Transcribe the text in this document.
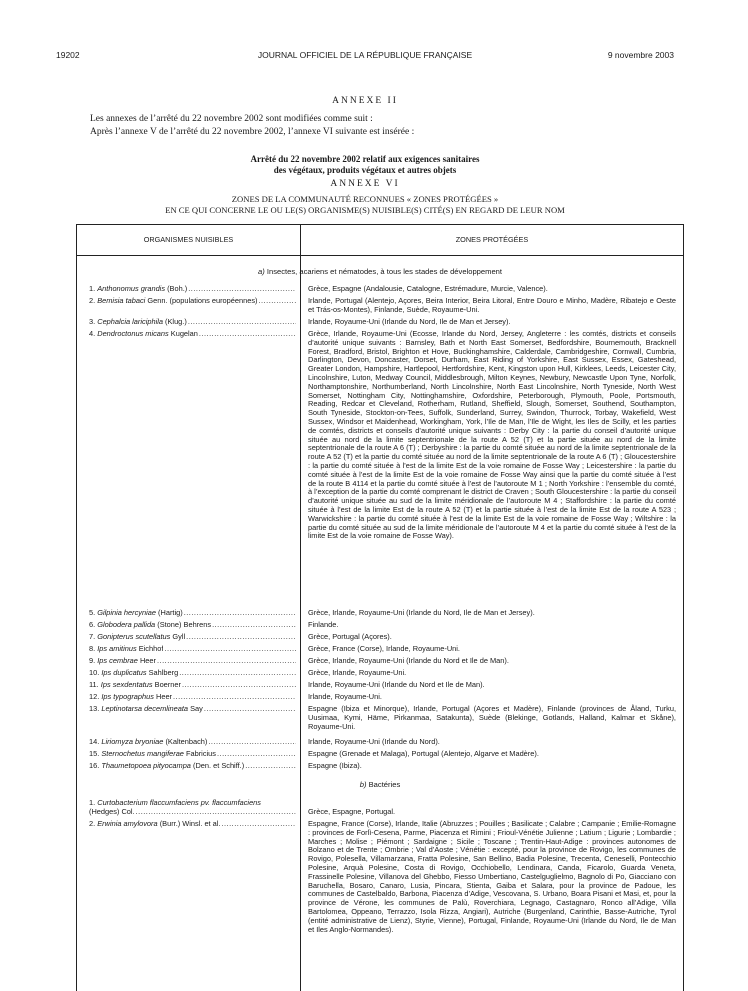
19202	JOURNAL OFFICIEL DE LA RÉPUBLIQUE FRANÇAISE	9 novembre 2003
ANNEXE II
Les annexes de l’arrêté du 22 novembre 2002 sont modifiées comme suit :
Après l’annexe V de l’arrêté du 22 novembre 2002, l’annexe VI suivante est insérée :
Arrêté du 22 novembre 2002 relatif aux exigences sanitaires
des végétaux, produits végétaux et autres objets
ANNEXE VI
ZONES DE LA COMMUNAUTÉ RECONNUES « ZONES PROTÉGÉES »
EN CE QUI CONCERNE LE OU LE(S) ORGANISME(S) NUISIBLE(S) CITÉ(S) EN REGARD DE LEUR NOM
ORGANISMES NUISIBLES	ZONES PROTÉGÉES
a) Insectes, acariens et nématodes, à tous les stades de développement
1. Anthonomus grandis (Boh.) .....	Grèce, Espagne (Andalousie, Catalogne, Estrémadure, Murcie, Valence).
2. Bemisia tabaci Genn. (populations européennes) .....	Irlande, Portugal (Alentejo, Açores, Beira Interior, Beira Litoral, Entre Douro e Minho, Madère, Ribatejo e Oeste et Trás-os-Montes), Finlande, Suède, Royaume-Uni.
3. Cephalcia lariciphila (Klug.) .....	Irlande, Royaume-Uni (Irlande du Nord, Ile de Man et Jersey).
4. Dendroctonus micans Kugelan .....	Grèce, Irlande, Royaume-Uni (Ecosse, Irlande du Nord, Jersey, Angleterre : les comtés, districts et conseils d’autorité unique suivants : Barnsley, Bath et North East Somerset, Bedfordshire, Bournemouth, Bracknell Forest, Bradford, Bristol, Brighton et Hove, Buckinghamshire, Calderdale, Cambridgeshire, Cornwall, Cumbria, Darlington, Devon, Doncaster, Dorset, Durham, East Riding of Yorkshire, East Sussex, Essex, Gateshead, Greater London, Hampshire, Hartlepool, Hertfordshire, Kent, Kingston upon Hull, Kirklees, Leeds, Leicester City, Lincolnshire, Luton, Medway Council, Middlesbrough, Milton Keynes, Newbury, Newcastle Upon Tyne, Norfolk, Northamptonshire, Northumberland, North Lincolnshire, North East Lincolnshire, North Tyneside, North West Somerset, Nottingham City, Nottinghamshire, Oxfordshire, Peterborough, Plymouth, Poole, Portsmouth, Reading, Redcar et Cleveland, Rotherham, Rutland, Sheffield, Slough, Somerset, Southend, Southampton, South Tyneside, Stockton-on-Tees, Suffolk, Sunderland, Surrey, Swindon, Thurrock, Torbay, Wakefield, West Sussex, Windsor et Maidenhead, Workingham, York, l’Ile de Man, l’Ile de Wight, les Iles de Scilly, et les parties de comtés, districts et conseils d’autorité unique suivants : Derby City : la partie du conseil d’autorité unique située au nord de la limite septentrionale de la route A 52 (T) et la partie située au nord de la limite septentrionale de la route A 6 (T) ; Derbyshire : la partie du comté située au nord de la limite septentrionale de la route A 52 (T) et la partie du comté située au nord de la limite septentrionale de la route A 6 (T) ; Gloucestershire : la partie du comté située à l’est de la limite Est de la voie romaine de Fosse Way ; Leicestershire : la partie du comté située à l’est de la limite Est de la voie romaine de Fosse Way ainsi que la partie du comté située à l’est de la route B 4114 et la partie du comté située à l’est de l’autoroute M 1 ; North Yorkshire : l’ensemble du comté, à l’exception de la partie du comté comprenant le district de Craven ; South Gloucestershire : la partie du conseil d’autorité unique située au sud de la limite méridionale de l’autoroute M 4 ; Staffordshire : la partie du comté située à l’est de la limite Est de la route A 52 (T) et la partie située à l’est de la limite Est de la route A 523 ; Warwickshire : la partie du comté située à l’est de la limite Est de la voie romaine de Fosse Way ; Wiltshire : la partie du comté située au sud de la limite méridionale de l’autoroute M 4 et la partie du comté située à l’est de la limite Est de la voie romaine de Fosse Way).
5. Gilpinia hercyniae (Hartig) .....	Grèce, Irlande, Royaume-Uni (Irlande du Nord, Ile de Man et Jersey).
6. Globodera pallida (Stone) Behrens .....	Finlande.
7. Gonipterus scutellatus Gyll .....	Grèce, Portugal (Açores).
8. Ips amitinus Eichhof .....	Grèce, France (Corse), Irlande, Royaume-Uni.
9. Ips cembrae Heer .....	Grèce, Irlande, Royaume-Uni (Irlande du Nord et Ile de Man).
10. Ips duplicatus Sahlberg .....	Grèce, Irlande, Royaume-Uni.
11. Ips sexdentatus Boerner .....	Irlande, Royaume-Uni (Irlande du Nord et Ile de Man).
12. Ips typographus Heer .....	Irlande, Royaume-Uni.
13. Leptinotarsa decemlineata Say .....	Espagne (Ibiza et Minorque), Irlande, Portugal (Açores et Madère), Finlande (provinces de Åland, Turku, Uusimaa, Kymi, Häme, Pirkanmaa, Satakunta), Suède (Blekinge, Gotlands, Halland, Kalmar et Skåne), Royaume-Uni.
14. Liriomyza bryoniae (Kaltenbach) .....	Irlande, Royaume-Uni (Irlande du Nord).
15. Sternochetus mangiferae Fabricius .....	Espagne (Grenade et Malaga), Portugal (Alentejo, Algarve et Madère).
16. Thaumetopoea pityocampa (Den. et Schiff.) .....	Espagne (Ibiza).
b) Bactéries
1. Curtobacterium flaccumfaciens pv. flaccumfaciens
(Hedges) Col. .....	Grèce, Espagne, Portugal.
2. Erwinia amylovora (Burr.) Winsl. et al. .....	Espagne, France (Corse), Irlande, Italie (Abruzzes ; Pouilles ; Basilicate ; Calabre ; Campanie ; Emilie-Romagne : provinces de Forlì-Cesena, Parme, Piacenza et Rimini ; Frioul-Vénétie Julienne ; Latium ; Ligurie ; Lombardie ; Marches ; Molise ; Piémont ; Sardaigne ; Sicile ; Toscane ; Trentin-Haut-Adige : provinces autonomes de Bolzano et de Trente ; Ombrie ; Val d’Aoste ; Vénétie : excepté, pour la province de Rovigo, les communes de Rovigo, Polesella, Villamarzana, Fratta Polesine, San Bellino, Badia Polesine, Trecenta, Ceneselli, Pontecchio Polesine, Arquà Polesine, Costa di Rovigo, Occhiobello, Lendinara, Canda, Ficarolo, Guarda Veneta, Frassinelle Polesine, Villanova del Ghebbo, Fiesso Umbertiano, Castelguglielmo, Bagnolo di Po, Giacciano con Baruchella, Bosaro, Canaro, Lusia, Pincara, Stienta, Gaiba et Salara, pour la province de Padoue, les communes de Castelbaldo, Barbona, Piacenza d’Adige, Vescovana, S. Urbano, Boara Pisani et Masi, et, pour la province de Vérone, les communes de Palù, Roverchiara, Legnago, Castagnaro, Ronco all’Adige, Villa Bartolomea, Oppeano, Terrazzo, Isola Rizza, Angiari), Autriche (Burgenland, Carinthie, Basse-Autriche, Tyrol (entité administrative de Lienz), Styrie, Vienne), Portugal, Finlande, Royaume-Uni (Irlande du Nord, Ile de Man et Iles Anglo-Normandes).
